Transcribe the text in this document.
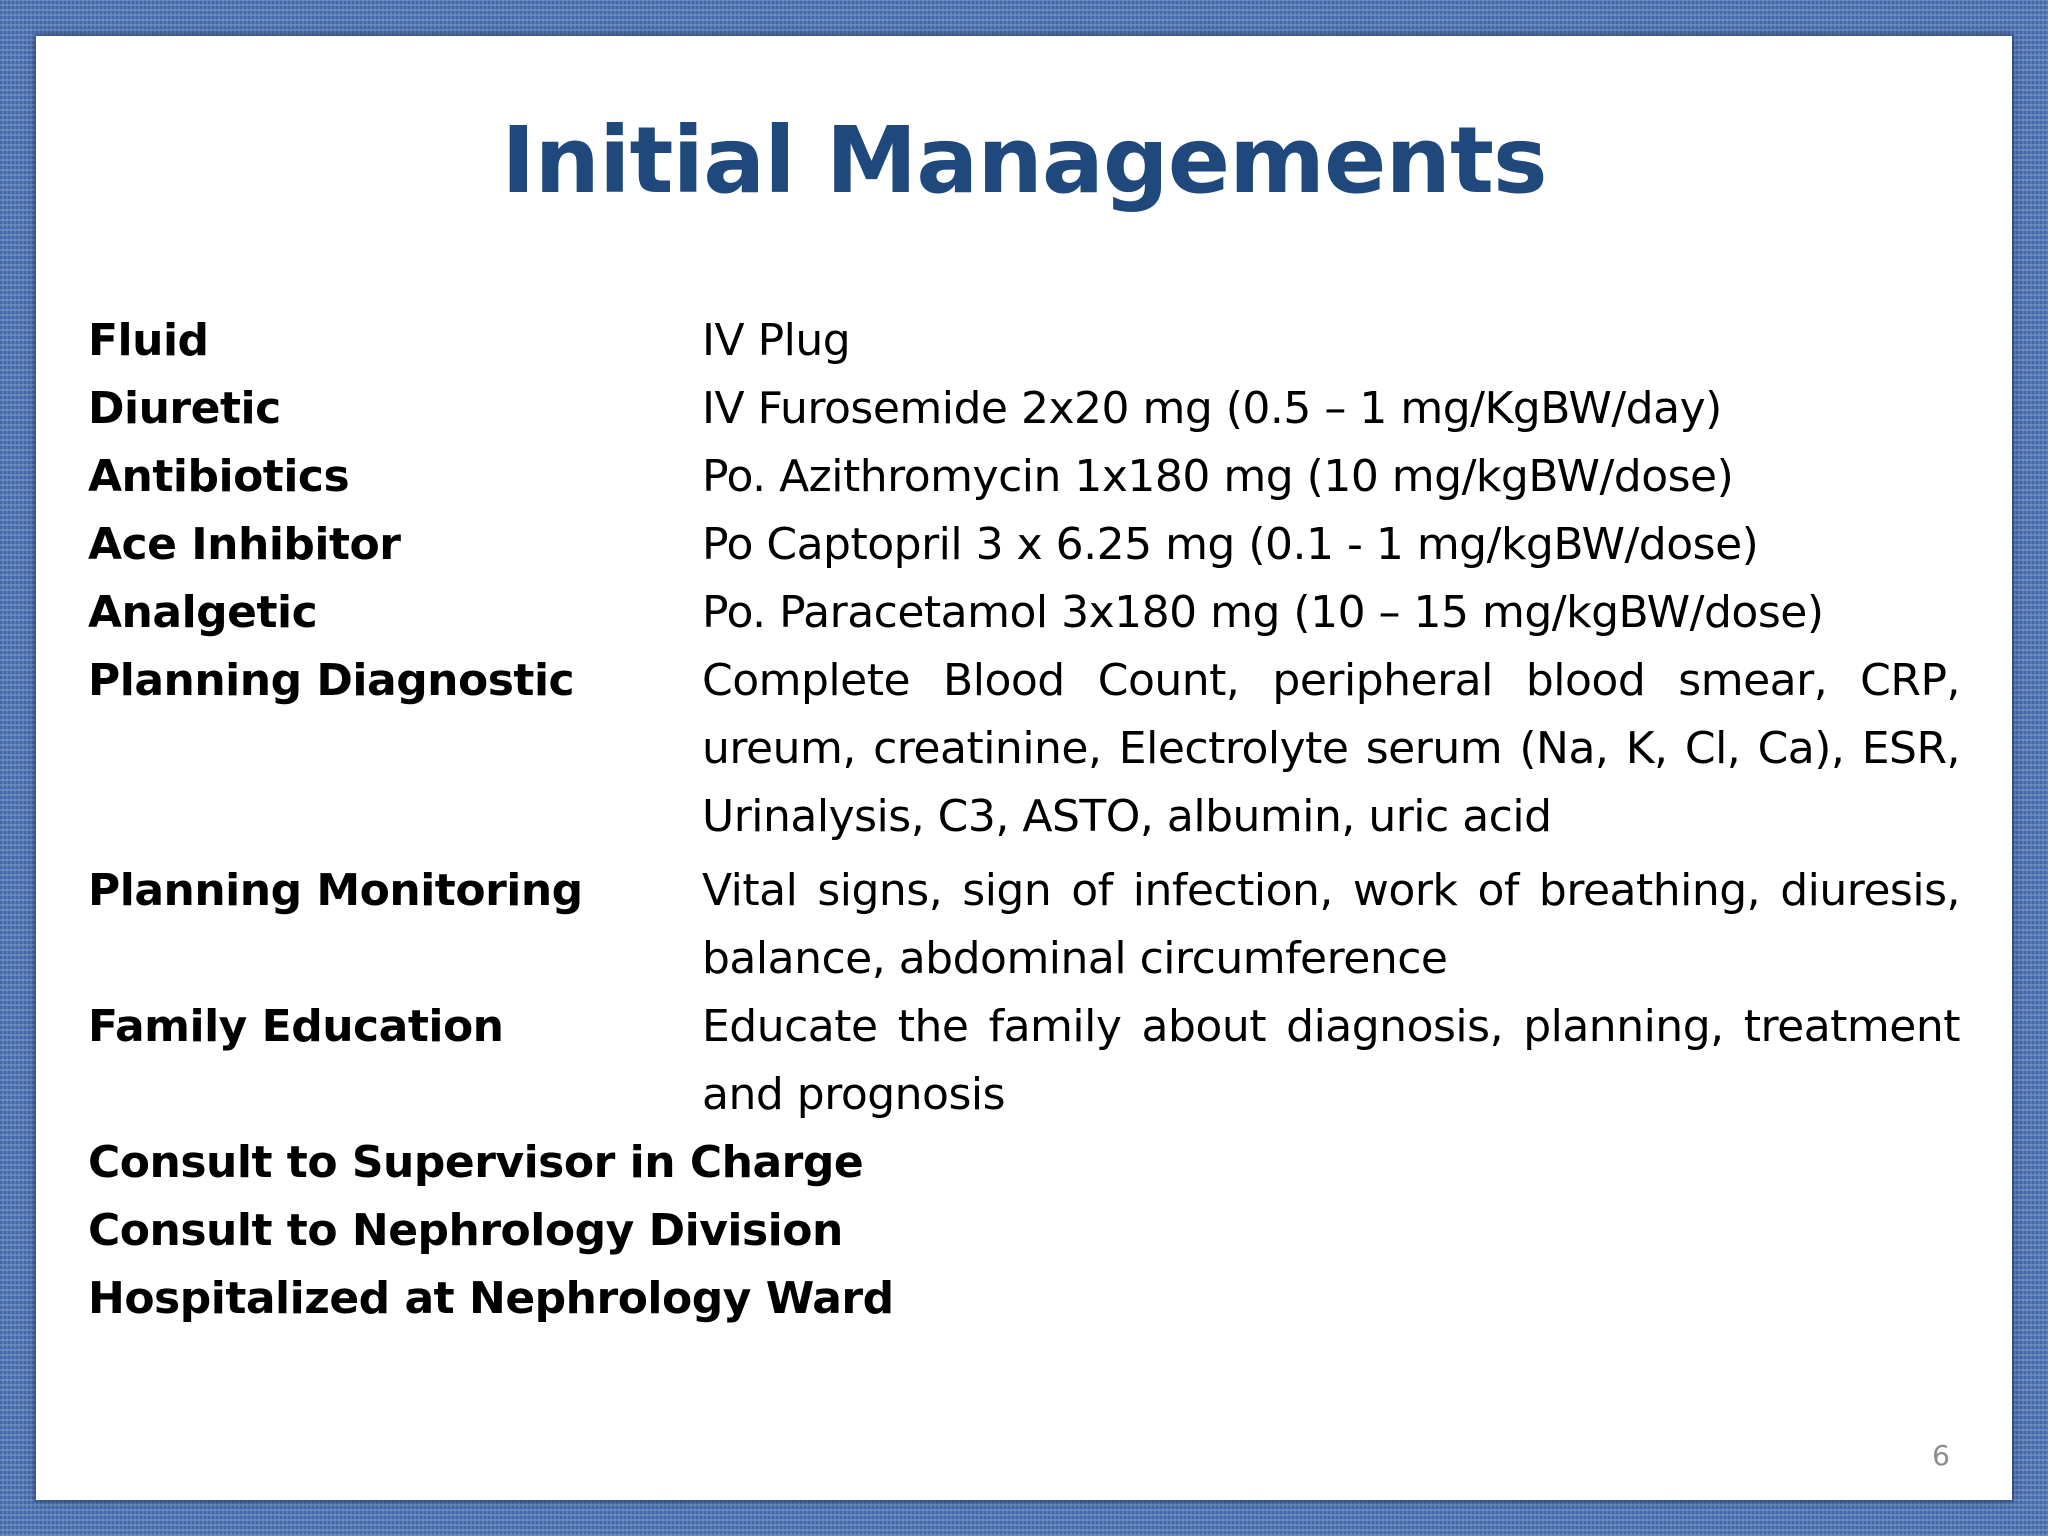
Initial Managements
Fluid	IV Plug
Diuretic	IV Furosemide 2x20 mg (0.5 – 1 mg/KgBW/day)
Antibiotics	Po. Azithromycin 1x180 mg (10 mg/kgBW/dose)
Ace Inhibitor	Po Captopril 3 x 6.25 mg (0.1 - 1 mg/kgBW/dose)
Analgetic	Po. Paracetamol 3x180 mg (10 – 15 mg/kgBW/dose)
Planning Diagnostic	Complete Blood Count, peripheral blood smear, CRP, ureum, creatinine, Electrolyte serum (Na, K, Cl, Ca), ESR, Urinalysis, C3, ASTO, albumin, uric acid
Planning Monitoring	Vital signs, sign of infection, work of breathing, diuresis, balance, abdominal circumference
Family Education	Educate the family about diagnosis, planning, treatment and prognosis
Consult to Supervisor in Charge
Consult to Nephrology Division
Hospitalized at Nephrology Ward
6
